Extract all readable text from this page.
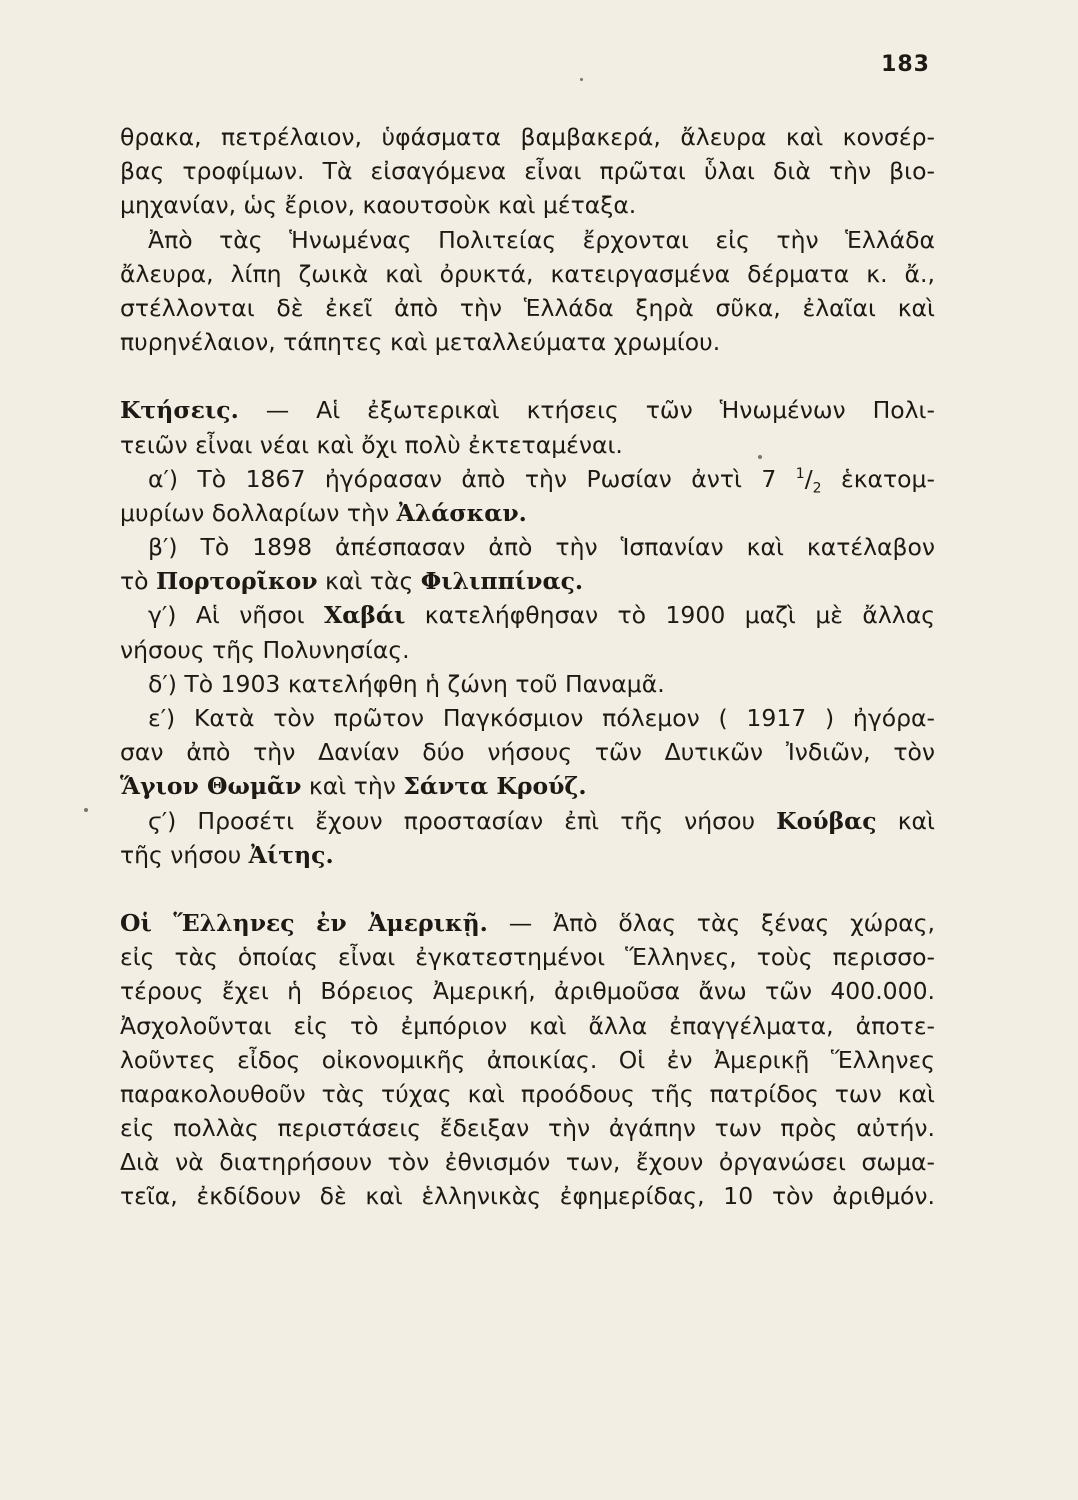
183
θρακα, πετρέλαιον, ὑφάσματα βαμβακερά, ἄλευρα καὶ κονσέρ-
βας τροφίμων. Τὰ εἰσαγόμενα εἶναι πρῶται ὗλαι διὰ τὴν βιο-
μηχανίαν, ὡς ἔριον, καουτσοὺκ καὶ μέταξα.
Ἀπὸ τὰς Ἡνωμένας Πολιτείας ἔρχονται εἰς τὴν Ἑλλάδα
ἄλευρα, λίπη ζωικὰ καὶ ὀρυκτά, κατειργασμένα δέρματα κ. ἄ.,
στέλλονται δὲ ἐκεῖ ἀπὸ τὴν Ἑλλάδα ξηρὰ σῦκα, ἐλαῖαι καὶ
πυρηνέλαιον, τάπητες καὶ μεταλλεύματα χρωμίου.
Κτήσεις. — Αἱ ἐξωτερικαὶ κτήσεις τῶν Ἡνωμένων Πολι-
τειῶν εἶναι νέαι καὶ ὄχι πολὺ ἐκτεταμέναι.
α′) Τὸ 1867 ἠγόρασαν ἀπὸ τὴν Ρωσίαν ἀντὶ 7 $^1/_2$ ἑκατομ-
μυρίων δολλαρίων τὴν Ἀλάσκαν.
β′) Τὸ 1898 ἀπέσπασαν ἀπὸ τὴν Ἱσπανίαν καὶ κατέλαβον
τὸ Πορτορῖκον καὶ τὰς Φιλιππίνας.
γ′) Αἱ νῆσοι Χαβάι κατελήφθησαν τὸ 1900 μαζὶ μὲ ἄλλας
νήσους τῆς Πολυνησίας.
δ′) Τὸ 1903 κατελήφθη ἡ ζώνη τοῦ Παναμᾶ.
ε′) Κατὰ τὸν πρῶτον Παγκόσμιον πόλεμον ( 1917 ) ἠγόρα-
σαν ἀπὸ τὴν Δανίαν δύο νήσους τῶν Δυτικῶν Ἰνδιῶν, τὸν
Ἅγιον Θωμᾶν καὶ τὴν Σάντα Κρούζ.
ϛ′) Προσέτι ἔχουν προστασίαν ἐπὶ τῆς νήσου Κούβας καὶ
τῆς νήσου Ἀίτης.
Οἱ Ἕλληνες ἐν Ἀμερικῇ. — Ἀπὸ ὅλας τὰς ξένας χώρας,
εἰς τὰς ὁποίας εἶναι ἐγκατεστημένοι Ἕλληνες, τοὺς περισσο-
τέρους ἔχει ἡ Βόρειος Ἀμερική, ἀριθμοῦσα ἄνω τῶν 400.000.
Ἀσχολοῦνται εἰς τὸ ἐμπόριον καὶ ἄλλα ἐπαγγέλματα, ἀποτε-
λοῦντες εἶδος οἰκονομικῆς ἀποικίας. Οἱ ἐν Ἀμερικῇ Ἕλληνες
παρακολουθοῦν τὰς τύχας καὶ προόδους τῆς πατρίδος των καὶ
εἰς πολλὰς περιστάσεις ἔδειξαν τὴν ἀγάπην των πρὸς αὐτήν.
Διὰ νὰ διατηρήσουν τὸν ἐθνισμόν των, ἔχουν ὀργανώσει σωμα-
τεῖα, ἐκδίδουν δὲ καὶ ἑλληνικὰς ἐφημερίδας, 10 τὸν ἀριθμόν.
